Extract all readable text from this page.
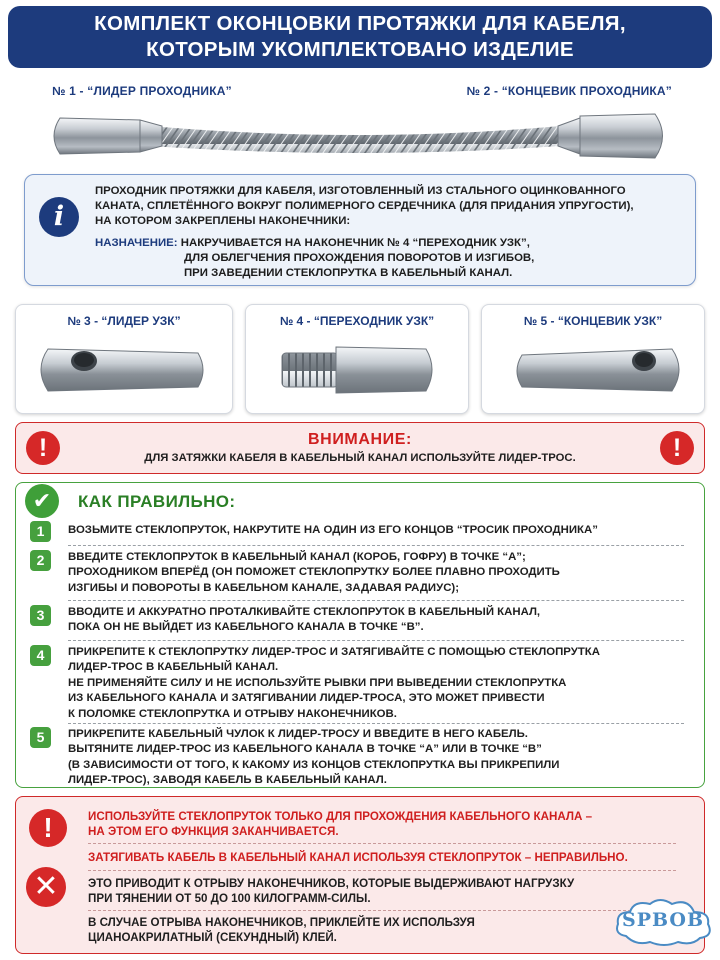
КОМПЛЕКТ ОКОНЦОВКИ ПРОТЯЖКИ ДЛЯ КАБЕЛЯ,
КОТОРЫМ УКОМПЛЕКТОВАНО ИЗДЕЛИЕ
№ 1 - “ЛИДЕР ПРОХОДНИКА”	№ 2 - “КОНЦЕВИК ПРОХОДНИКА”
i
ПРОХОДНИК ПРОТЯЖКИ ДЛЯ КАБЕЛЯ, ИЗГОТОВЛЕННЫЙ ИЗ СТАЛЬНОГО ОЦИНКОВАННОГО
КАНАТА, СПЛЕТЁННОГО ВОКРУГ ПОЛИМЕРНОГО СЕРДЕЧНИКА (ДЛЯ ПРИДАНИЯ УПРУГОСТИ),
НА КОТОРОМ ЗАКРЕПЛЕНЫ НАКОНЕЧНИКИ:
НАЗНАЧЕНИЕ: НАКРУЧИВАЕТСЯ НА НАКОНЕЧНИК № 4 “ПЕРЕХОДНИК УЗК”,
ДЛЯ ОБЛЕГЧЕНИЯ ПРОХОЖДЕНИЯ ПОВОРОТОВ И ИЗГИБОВ,
ПРИ ЗАВЕДЕНИИ СТЕКЛОПРУТКА В КАБЕЛЬНЫЙ КАНАЛ.
№ 3 - “ЛИДЕР УЗК”	№ 4 - “ПЕРЕХОДНИК УЗК”	№ 5 - “КОНЦЕВИК УЗК”
!	ВНИМАНИЕ:
ДЛЯ ЗАТЯЖКИ КАБЕЛЯ В КАБЕЛЬНЫЙ КАНАЛ ИСПОЛЬЗУЙТЕ ЛИДЕР-ТРОС.	!
✔	КАК ПРАВИЛЬНО:
1	ВОЗЬМИТЕ СТЕКЛОПРУТОК, НАКРУТИТЕ НА ОДИН ИЗ ЕГО КОНЦОВ “ТРОСИК ПРОХОДНИКА”
2	ВВЕДИТЕ СТЕКЛОПРУТОК В КАБЕЛЬНЫЙ КАНАЛ (КОРОБ, ГОФРУ) В ТОЧКЕ “А”;
ПРОХОДНИКОМ ВПЕРЁД (ОН ПОМОЖЕТ СТЕКЛОПРУТКУ БОЛЕЕ ПЛАВНО ПРОХОДИТЬ
ИЗГИБЫ И ПОВОРОТЫ В КАБЕЛЬНОМ КАНАЛЕ, ЗАДАВАЯ РАДИУС);
3	ВВОДИТЕ И АККУРАТНО ПРОТАЛКИВАЙТЕ СТЕКЛОПРУТОК В КАБЕЛЬНЫЙ КАНАЛ,
ПОКА ОН НЕ ВЫЙДЕТ ИЗ КАБЕЛЬНОГО КАНАЛА В ТОЧКЕ “В”.
4	ПРИКРЕПИТЕ К СТЕКЛОПРУТКУ ЛИДЕР-ТРОС И ЗАТЯГИВАЙТЕ С ПОМОЩЬЮ СТЕКЛОПРУТКА
ЛИДЕР-ТРОС В КАБЕЛЬНЫЙ КАНАЛ.
НЕ ПРИМЕНЯЙТЕ СИЛУ И НЕ ИСПОЛЬЗУЙТЕ РЫВКИ ПРИ ВЫВЕДЕНИИ СТЕКЛОПРУТКА
ИЗ КАБЕЛЬНОГО КАНАЛА И ЗАТЯГИВАНИИ ЛИДЕР-ТРОСА, ЭТО МОЖЕТ ПРИВЕСТИ
К ПОЛОМКЕ СТЕКЛОПРУТКА И ОТРЫВУ НАКОНЕЧНИКОВ.
5	ПРИКРЕПИТЕ КАБЕЛЬНЫЙ ЧУЛОК К ЛИДЕР-ТРОСУ И ВВЕДИТЕ В НЕГО КАБЕЛЬ.
ВЫТЯНИТЕ ЛИДЕР-ТРОС ИЗ КАБЕЛЬНОГО КАНАЛА В ТОЧКЕ “А” ИЛИ В ТОЧКЕ “В”
(В ЗАВИСИМОСТИ ОТ ТОГО, К КАКОМУ ИЗ КОНЦОВ СТЕКЛОПРУТКА ВЫ ПРИКРЕПИЛИ
ЛИДЕР-ТРОС), ЗАВОДЯ КАБЕЛЬ В КАБЕЛЬНЫЙ КАНАЛ.
!
✕
ИСПОЛЬЗУЙТЕ СТЕКЛОПРУТОК ТОЛЬКО ДЛЯ ПРОХОЖДЕНИЯ КАБЕЛЬНОГО КАНАЛА –
НА ЭТОМ ЕГО ФУНКЦИЯ ЗАКАНЧИВАЕТСЯ.
ЗАТЯГИВАТЬ КАБЕЛЬ В КАБЕЛЬНЫЙ КАНАЛ ИСПОЛЬЗУЯ СТЕКЛОПРУТОК – НЕПРАВИЛЬНО.
ЭТО ПРИВОДИТ К ОТРЫВУ НАКОНЕЧНИКОВ, КОТОРЫЕ ВЫДЕРЖИВАЮТ НАГРУЗКУ
ПРИ ТЯНЕНИИ ОТ 50 ДО 100 КИЛОГРАММ-СИЛЫ.
В СЛУЧАЕ ОТРЫВА НАКОНЕЧНИКОВ, ПРИКЛЕЙТЕ ИХ ИСПОЛЬЗУЯ
ЦИАНОАКРИЛАТНЫЙ (СЕКУНДНЫЙ) КЛЕЙ.
SPBOB
